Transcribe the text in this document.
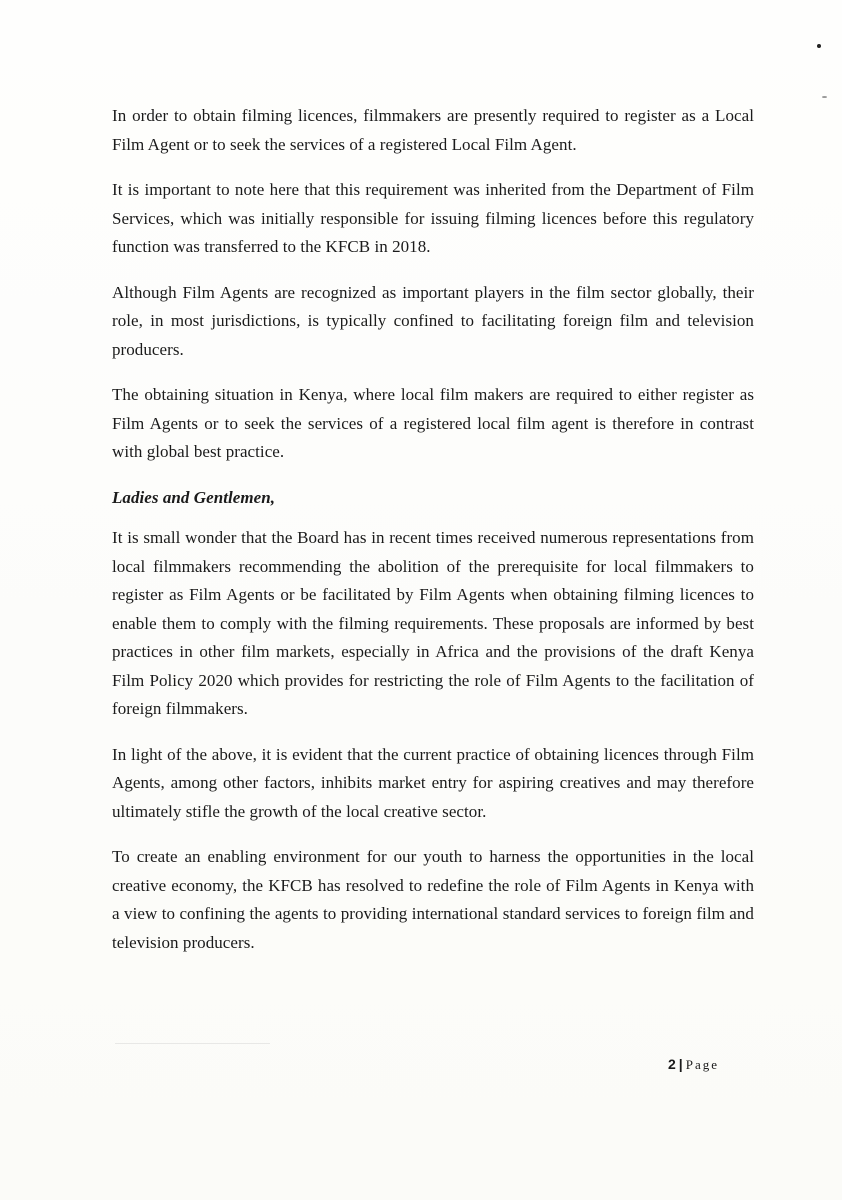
In order to obtain filming licences, filmmakers are presently required to register as a Local Film Agent or to seek the services of a registered Local Film Agent.

It is important to note here that this requirement was inherited from the Department of Film Services, which was initially responsible for issuing filming licences before this regulatory function was transferred to the KFCB in 2018.

Although Film Agents are recognized as important players in the film sector globally, their role, in most jurisdictions, is typically confined to facilitating foreign film and television producers.

The obtaining situation in Kenya, where local film makers are required to either register as Film Agents or to seek the services of a registered local film agent is therefore in contrast with global best practice.

Ladies and Gentlemen,

It is small wonder that the Board has in recent times received numerous representations from local filmmakers recommending the abolition of the prerequisite for local filmmakers to register as Film Agents or be facilitated by Film Agents when obtaining filming licences to enable them to comply with the filming requirements. These proposals are informed by best practices in other film markets, especially in Africa and the provisions of the draft Kenya Film Policy 2020 which provides for restricting the role of Film Agents to the facilitation of foreign filmmakers.

In light of the above, it is evident that the current practice of obtaining licences through Film Agents, among other factors, inhibits market entry for aspiring creatives and may therefore ultimately stifle the growth of the local creative sector.

To create an enabling environment for our youth to harness the opportunities in the local creative economy, the KFCB has resolved to redefine the role of Film Agents in Kenya with a view to confining the agents to providing international standard services to foreign film and television producers.

2 | Page
